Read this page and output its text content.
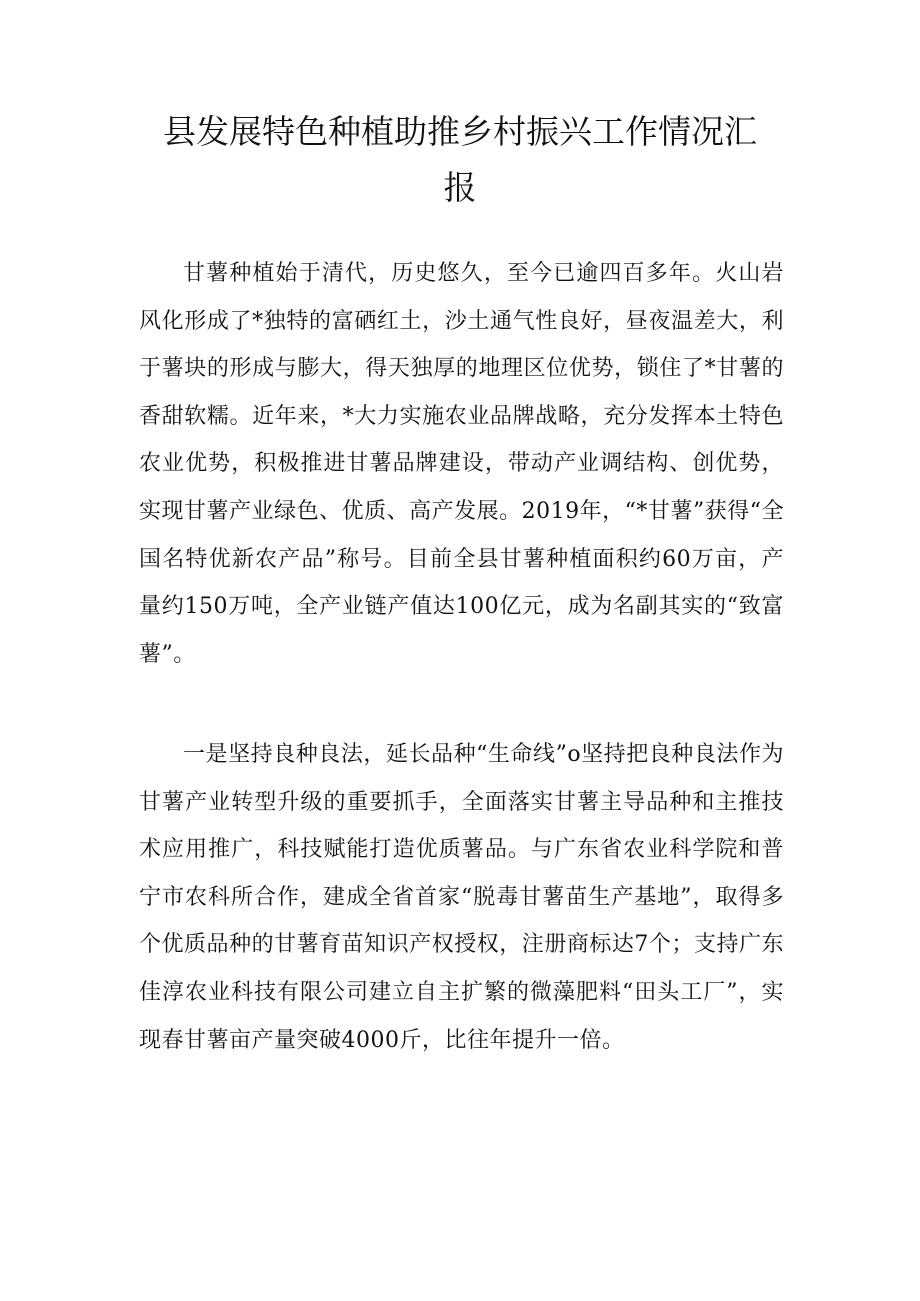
县发展特色种植助推乡村振兴工作情况汇报

甘薯种植始于清代，历史悠久，至今已逾四百多年。火山岩风化形成了*独特的富硒红土，沙土通气性良好，昼夜温差大，利于薯块的形成与膨大，得天独厚的地理区位优势，锁住了*甘薯的香甜软糯。近年来，*大力实施农业品牌战略，充分发挥本土特色农业优势，积极推进甘薯品牌建设，带动产业调结构、创优势，实现甘薯产业绿色、优质、高产发展。2019年，“*甘薯”获得“全国名特优新农产品”称号。目前全县甘薯种植面积约60万亩，产量约150万吨，全产业链产值达100亿元，成为名副其实的“致富薯”。

一是坚持良种良法，延长品种“生命线”o坚持把良种良法作为甘薯产业转型升级的重要抓手，全面落实甘薯主导品种和主推技术应用推广，科技赋能打造优质薯品。与广东省农业科学院和普宁市农科所合作，建成全省首家“脱毒甘薯苗生产基地”，取得多个优质品种的甘薯育苗知识产权授权，注册商标达7个；支持广东佳淳农业科技有限公司建立自主扩繁的微藻肥料“田头工厂”，实现春甘薯亩产量突破4000斤，比往年提升一倍。
